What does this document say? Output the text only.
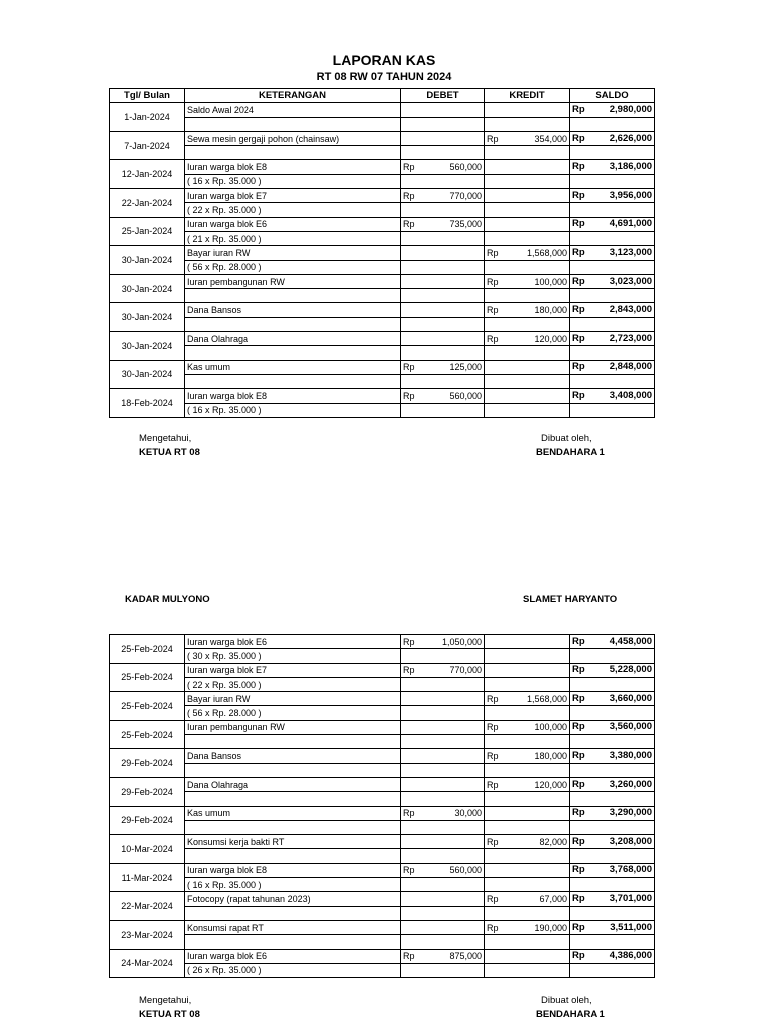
LAPORAN KAS
RT 08 RW 07 TAHUN 2024
Tgl/ Bulan	KETERANGAN	DEBET		KREDIT		SALDO	
1-Jan-2024	Saldo Awal 2024					Rp	2,980,000

7-Jan-2024	Sewa mesin gergaji pohon (chainsaw)			Rp	354,000	Rp	2,626,000

12-Jan-2024	Iuran warga blok E8	Rp	560,000			Rp	3,186,000
	( 16 x Rp. 35.000 )						
22-Jan-2024	Iuran warga blok E7	Rp	770,000			Rp	3,956,000
	( 22 x Rp. 35.000 )						
25-Jan-2024	Iuran warga blok E6	Rp	735,000			Rp	4,691,000
	( 21 x Rp. 35.000 )						
30-Jan-2024	Bayar iuran RW			Rp	1,568,000	Rp	3,123,000
	( 56 x Rp. 28.000 )						
30-Jan-2024	Iuran pembangunan RW			Rp	100,000	Rp	3,023,000

30-Jan-2024	Dana Bansos			Rp	180,000	Rp	2,843,000

30-Jan-2024	Dana Olahraga			Rp	120,000	Rp	2,723,000

30-Jan-2024	Kas umum	Rp	125,000			Rp	2,848,000

18-Feb-2024	Iuran warga blok E8	Rp	560,000			Rp	3,408,000
	( 16 x Rp. 35.000 )						
Mengetahui,
KETUA RT 08
Dibuat oleh,
BENDAHARA 1
KADAR MULYONO	SLAMET HARYANTO
25-Feb-2024	Iuran warga blok E6	Rp	1,050,000			Rp	4,458,000
	( 30 x Rp. 35.000 )						
25-Feb-2024	Iuran warga blok E7	Rp	770,000			Rp	5,228,000
	( 22 x Rp. 35.000 )						
25-Feb-2024	Bayar iuran RW			Rp	1,568,000	Rp	3,660,000
	( 56 x Rp. 28.000 )						
25-Feb-2024	Iuran pembangunan RW			Rp	100,000	Rp	3,560,000

29-Feb-2024	Dana Bansos			Rp	180,000	Rp	3,380,000

29-Feb-2024	Dana Olahraga			Rp	120,000	Rp	3,260,000

29-Feb-2024	Kas umum	Rp	30,000			Rp	3,290,000

10-Mar-2024	Konsumsi kerja bakti RT			Rp	82,000	Rp	3,208,000

11-Mar-2024	Iuran warga blok E8	Rp	560,000			Rp	3,768,000
	( 16 x Rp. 35.000 )						
22-Mar-2024	Fotocopy (rapat tahunan 2023)			Rp	67,000	Rp	3,701,000

23-Mar-2024	Konsumsi rapat RT			Rp	190,000	Rp	3,511,000

24-Mar-2024	Iuran warga blok E6	Rp	875,000			Rp	4,386,000
	( 26 x Rp. 35.000 )						
Mengetahui,
KETUA RT 08
Dibuat oleh,
BENDAHARA 1
